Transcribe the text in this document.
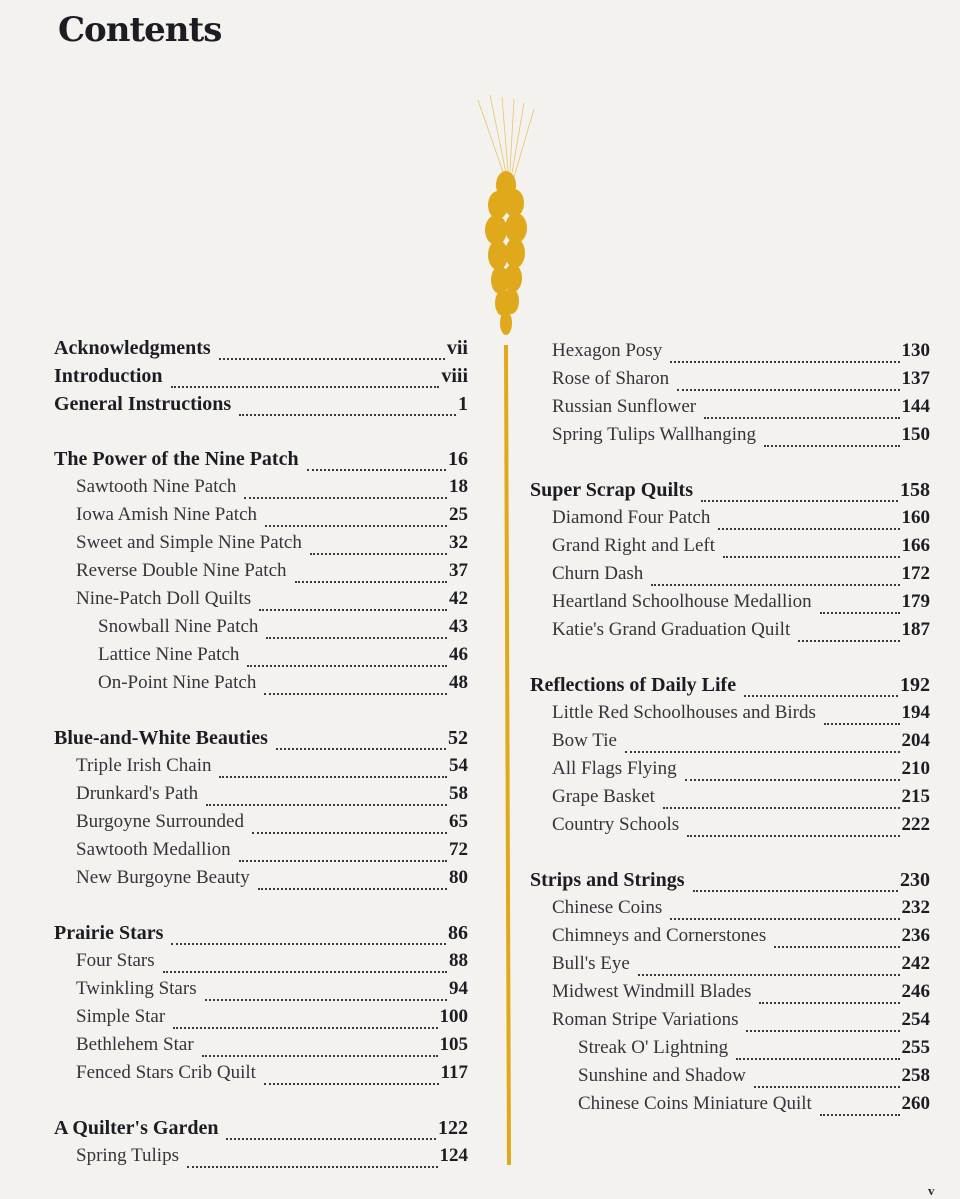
Contents
Acknowledgments	vii
Introduction	viii
General Instructions	1
The Power of the Nine Patch	16
Sawtooth Nine Patch	18
Iowa Amish Nine Patch	25
Sweet and Simple Nine Patch	32
Reverse Double Nine Patch	37
Nine-Patch Doll Quilts	42
Snowball Nine Patch	43
Lattice Nine Patch	46
On-Point Nine Patch	48
Blue-and-White Beauties	52
Triple Irish Chain	54
Drunkard's Path	58
Burgoyne Surrounded	65
Sawtooth Medallion	72
New Burgoyne Beauty	80
Prairie Stars	86
Four Stars	88
Twinkling Stars	94
Simple Star	100
Bethlehem Star	105
Fenced Stars Crib Quilt	117
A Quilter's Garden	122
Spring Tulips	124
Hexagon Posy	130
Rose of Sharon	137
Russian Sunflower	144
Spring Tulips Wallhanging	150
Super Scrap Quilts	158
Diamond Four Patch	160
Grand Right and Left	166
Churn Dash	172
Heartland Schoolhouse Medallion	179
Katie's Grand Graduation Quilt	187
Reflections of Daily Life	192
Little Red Schoolhouses and Birds	194
Bow Tie	204
All Flags Flying	210
Grape Basket	215
Country Schools	222
Strips and Strings	230
Chinese Coins	232
Chimneys and Cornerstones	236
Bull's Eye	242
Midwest Windmill Blades	246
Roman Stripe Variations	254
Streak O' Lightning	255
Sunshine and Shadow	258
Chinese Coins Miniature Quilt	260
v
